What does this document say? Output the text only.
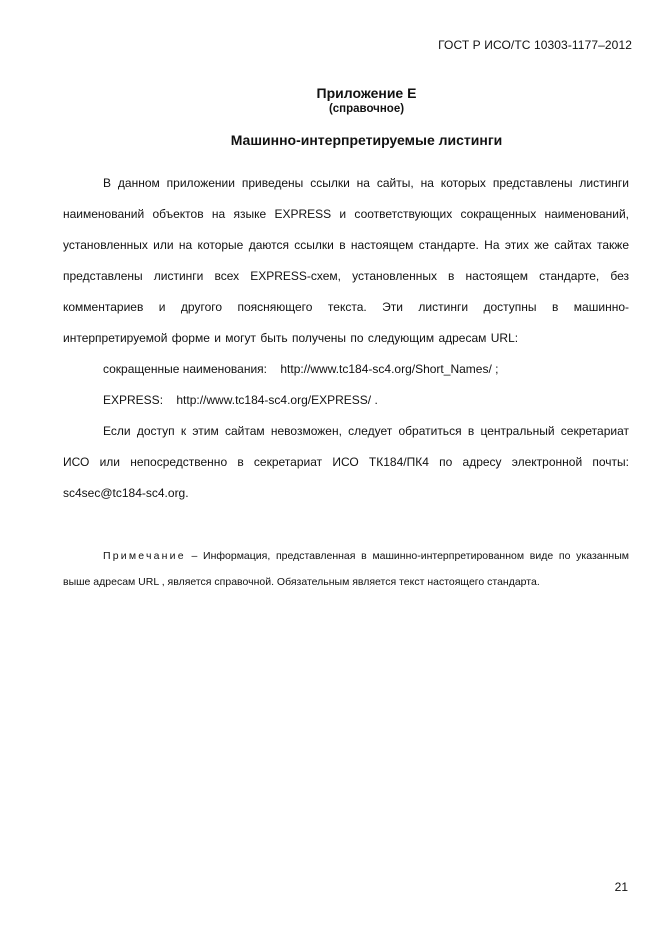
ГОСТ Р ИСО/ТС 10303-1177–2012
Приложение Е
(справочное)
Машинно-интерпретируемые листинги

В данном приложении приведены ссылки на сайты, на которых представлены листинги наименований объектов на языке EXPRESS и соответствующих сокращенных наименований, установленных или на которые даются ссылки в настоящем стандарте. На этих же сайтах также представлены листинги всех EXPRESS-схем, установленных в настоящем стандарте, без комментариев и другого поясняющего текста. Эти листинги доступны в машинно-интерпретируемой форме и могут быть получены по следующим адресам URL:

сокращенные наименования: http://www.tc184-sc4.org/Short_Names/ ;

EXPRESS: http://www.tc184-sc4.org/EXPRESS/ .

Если доступ к этим сайтам невозможен, следует обратиться в центральный секретариат ИСО или непосредственно в секретариат ИСО ТК184/ПК4 по адресу электронной почты: sc4sec@tc184-sc4.org.

Примечание – Информация, представленная в машинно-интерпретированном виде по указанным выше адресам URL , является справочной. Обязательным является текст настоящего стандарта.
21
